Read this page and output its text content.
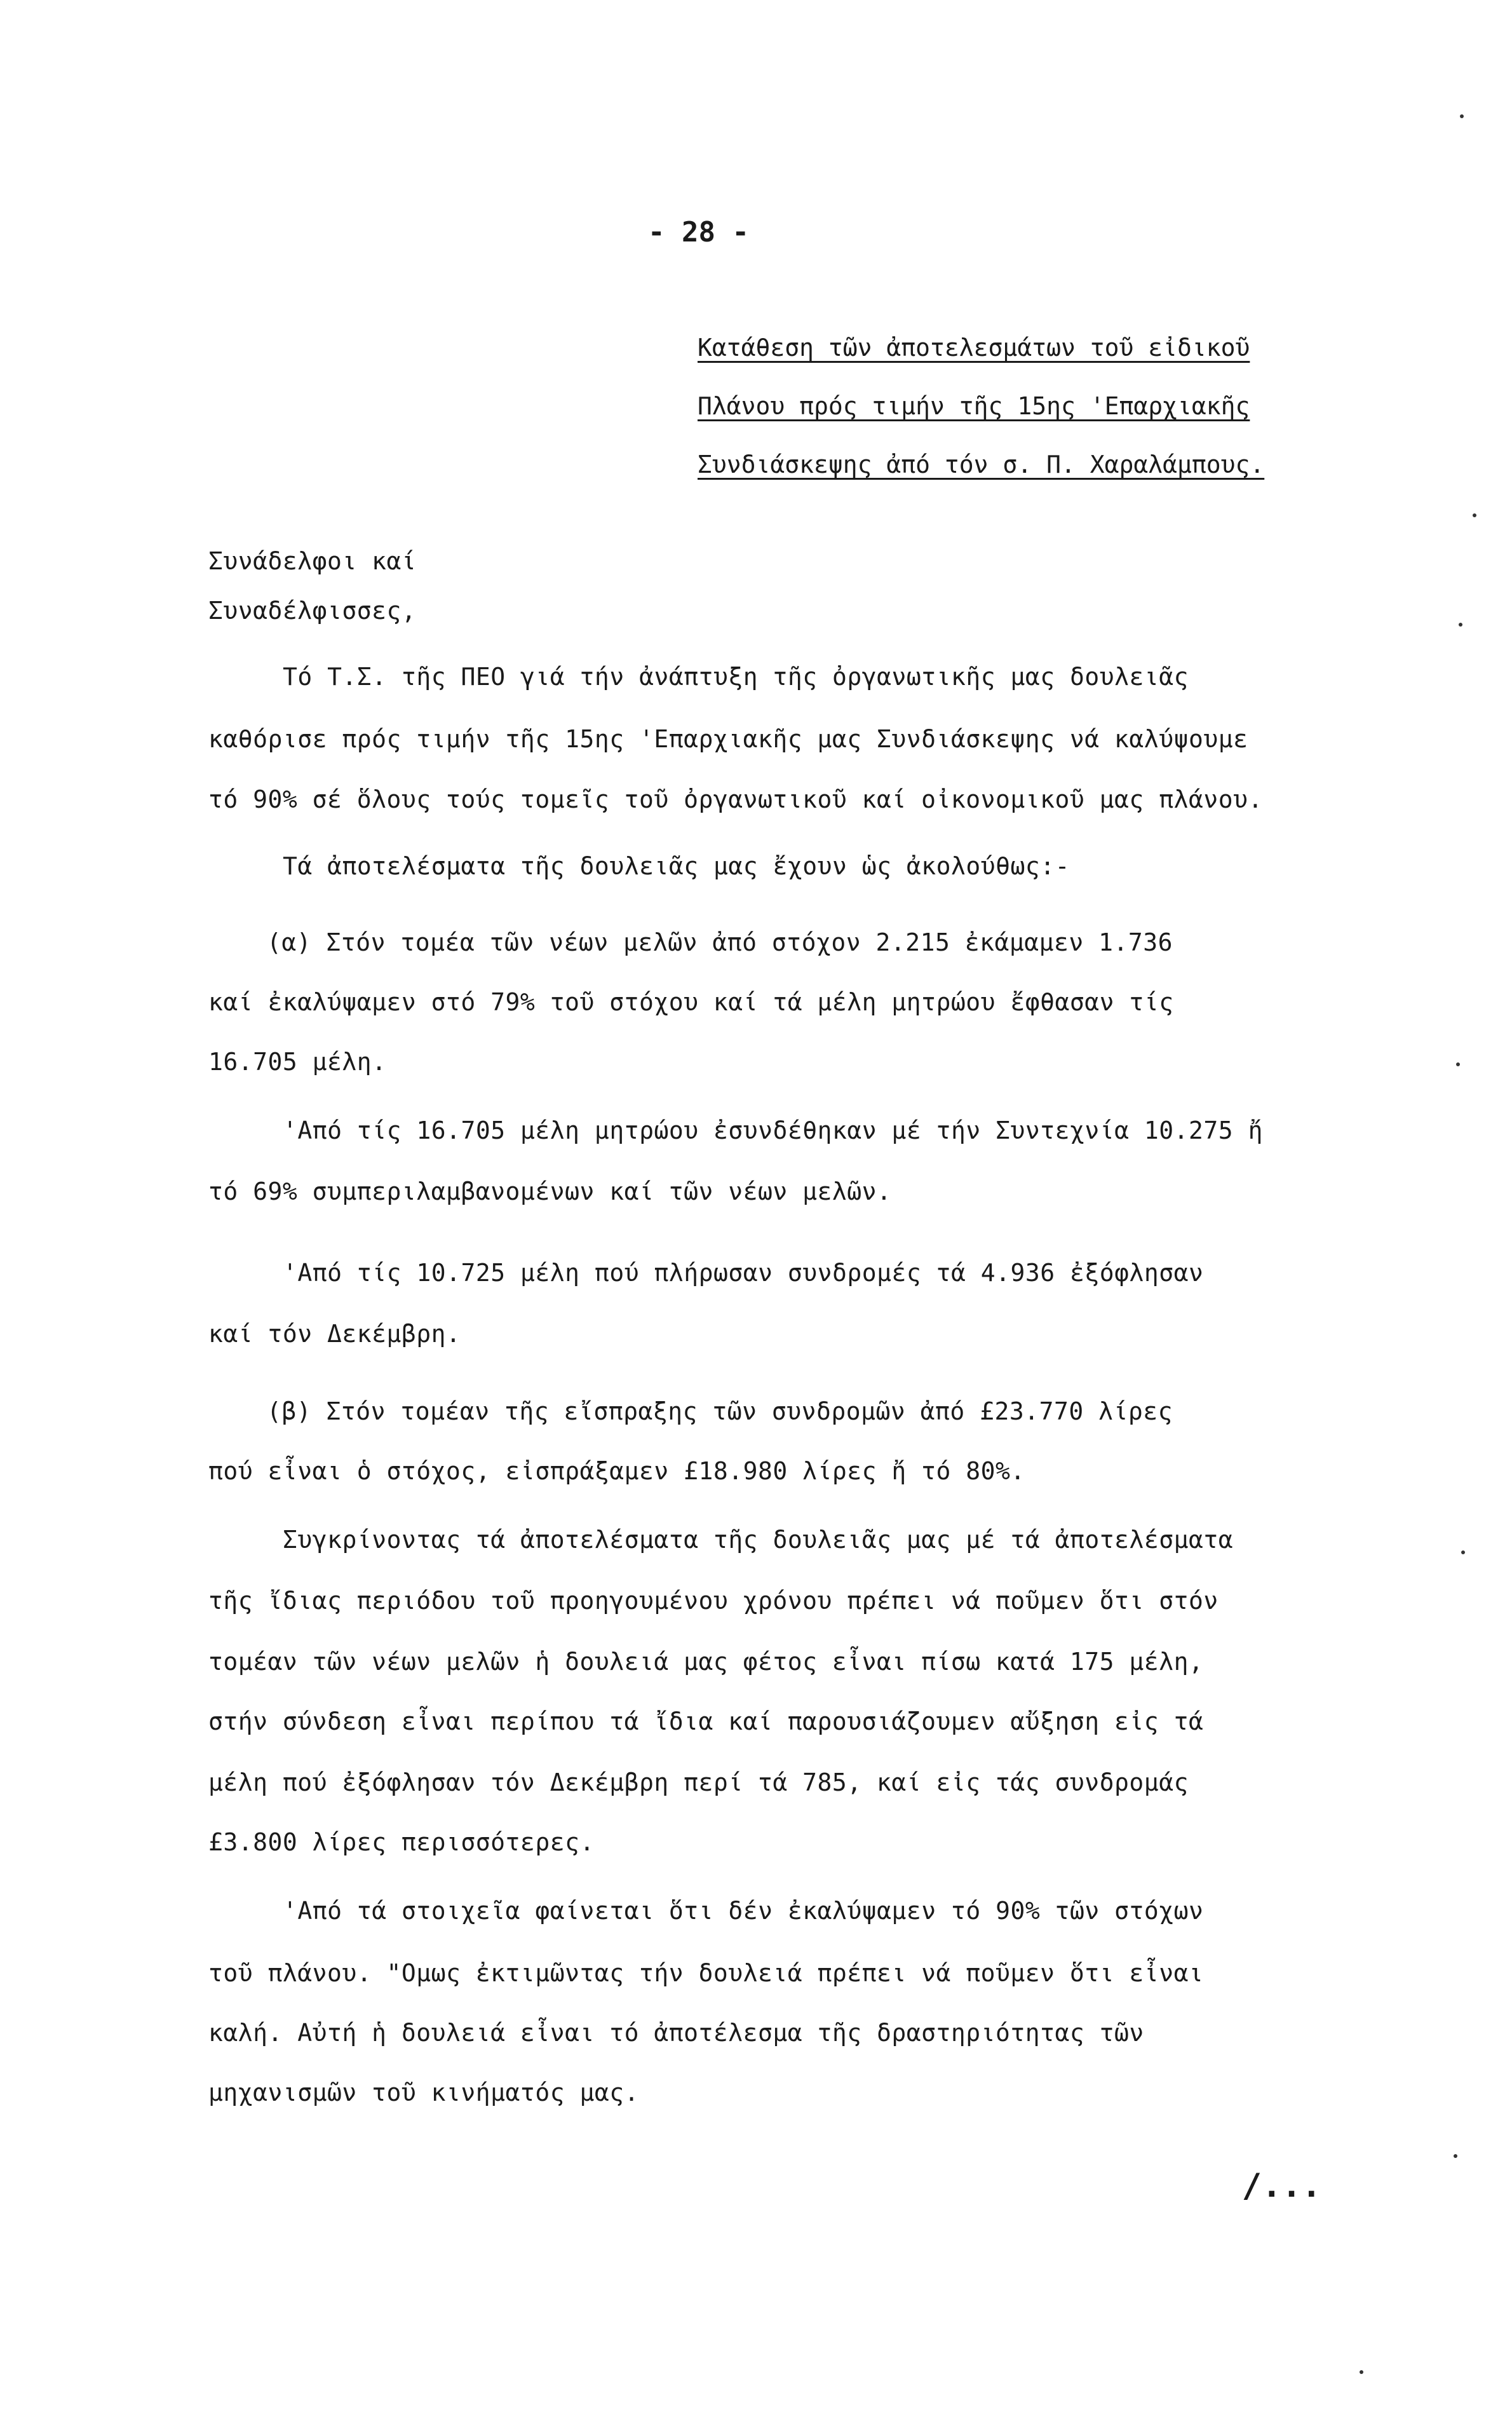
- 28 -
Κατάθεση τῶν ἀποτελεσμάτων τοῦ εἰδικοῦ
Πλάνου πρός τιμήν τῆς 15ης 'Επαρχιακῆς
Συνδιάσκεψης ἀπό τόν σ. Π. Χαραλάμπους.
Συνάδελφοι καί
Συναδέλφισσες,
Τό Τ.Σ. τῆς ΠΕΟ γιά τήν ἀνάπτυξη τῆς ὀργανωτικῆς μας δουλειᾶς
καθόρισε πρός τιμήν τῆς 15ης 'Επαρχιακῆς μας Συνδιάσκεψης νά καλύψουμε
τό 90% σέ ὅλους τούς τομεῖς τοῦ ὀργανωτικοῦ καί οἰκονομικοῦ μας πλάνου.
Τά ἀποτελέσματα τῆς δουλειᾶς μας ἔχουν ὡς ἀκολούθως:-
(α) Στόν τομέα τῶν νέων μελῶν ἀπό στόχον 2.215 ἐκάμαμεν 1.736
καί ἐκαλύψαμεν στό 79% τοῦ στόχου καί τά μέλη μητρώου ἔφθασαν τίς
16.705 μέλη.
'Από τίς 16.705 μέλη μητρώου ἐσυνδέθηκαν μέ τήν Συντεχνία 10.275 ἤ
τό 69% συμπεριλαμβανομένων καί τῶν νέων μελῶν.
'Από τίς 10.725 μέλη πού πλήρωσαν συνδρομές τά 4.936 ἐξόφλησαν
καί τόν Δεκέμβρη.
(β) Στόν τομέαν τῆς εἴσπραξης τῶν συνδρομῶν ἀπό £23.770 λίρες
πού εἶναι ὁ στόχος, εἰσπράξαμεν £18.980 λίρες ἤ τό 80%.
Συγκρίνοντας τά ἀποτελέσματα τῆς δουλειᾶς μας μέ τά ἀποτελέσματα
τῆς ἴδιας περιόδου τοῦ προηγουμένου χρόνου πρέπει νά ποῦμεν ὅτι στόν
τομέαν τῶν νέων μελῶν ἡ δουλειά μας φέτος εἶναι πίσω κατά 175 μέλη,
στήν σύνδεση εἶναι περίπου τά ἴδια καί παρουσιάζουμεν αὔξηση εἰς τά
μέλη πού ἐξόφλησαν τόν Δεκέμβρη περί τά 785, καί εἰς τάς συνδρομάς
£3.800 λίρες περισσότερες.
'Από τά στοιχεῖα φαίνεται ὅτι δέν ἐκαλύψαμεν τό 90% τῶν στόχων
τοῦ πλάνου. "Ομως ἐκτιμῶντας τήν δουλειά πρέπει νά ποῦμεν ὅτι εἶναι
καλή. Αὐτή ἡ δουλειά εἶναι τό ἀποτέλεσμα τῆς δραστηριότητας τῶν
μηχανισμῶν τοῦ κινήματός μας.
/...
